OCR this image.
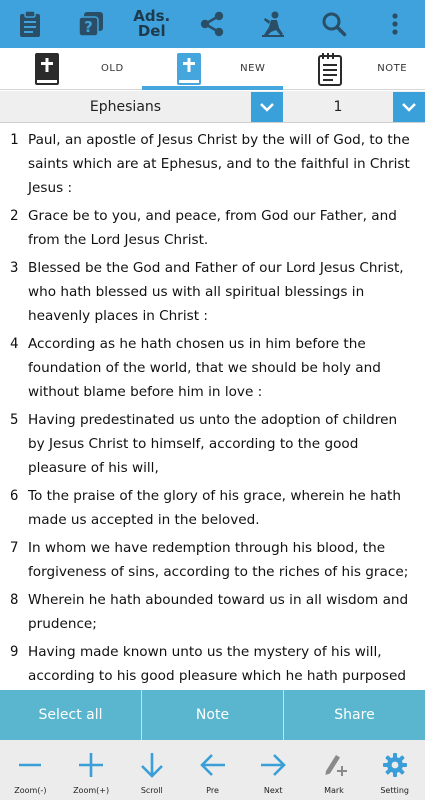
?
Ads.
Del
OLD	NEW	NOTE
Ephesians	1
1 Paul, an apostle of Jesus Christ by the will of God, to the saints which are at Ephesus, and to the faithful in Christ Jesus :
2 Grace be to you, and peace, from God our Father, and from the Lord Jesus Christ.
3 Blessed be the God and Father of our Lord Jesus Christ, who hath blessed us with all spiritual blessings in heavenly places in Christ :
4 According as he hath chosen us in him before the foundation of the world, that we should be holy and without blame before him in love :
5 Having predestinated us unto the adoption of children by Jesus Christ to himself, according to the good pleasure of his will,
6 To the praise of the glory of his grace, wherein he hath made us accepted in the beloved.
7 In whom we have redemption through his blood, the forgiveness of sins, according to the riches of his grace;
8 Wherein he hath abounded toward us in all wisdom and prudence;
9 Having made known unto us the mystery of his will, according to his good pleasure which he hath purposed
Select all	Note	Share
Zoom(-)	Zoom(+)	Scroll	Pre	Next	Mark	Setting
